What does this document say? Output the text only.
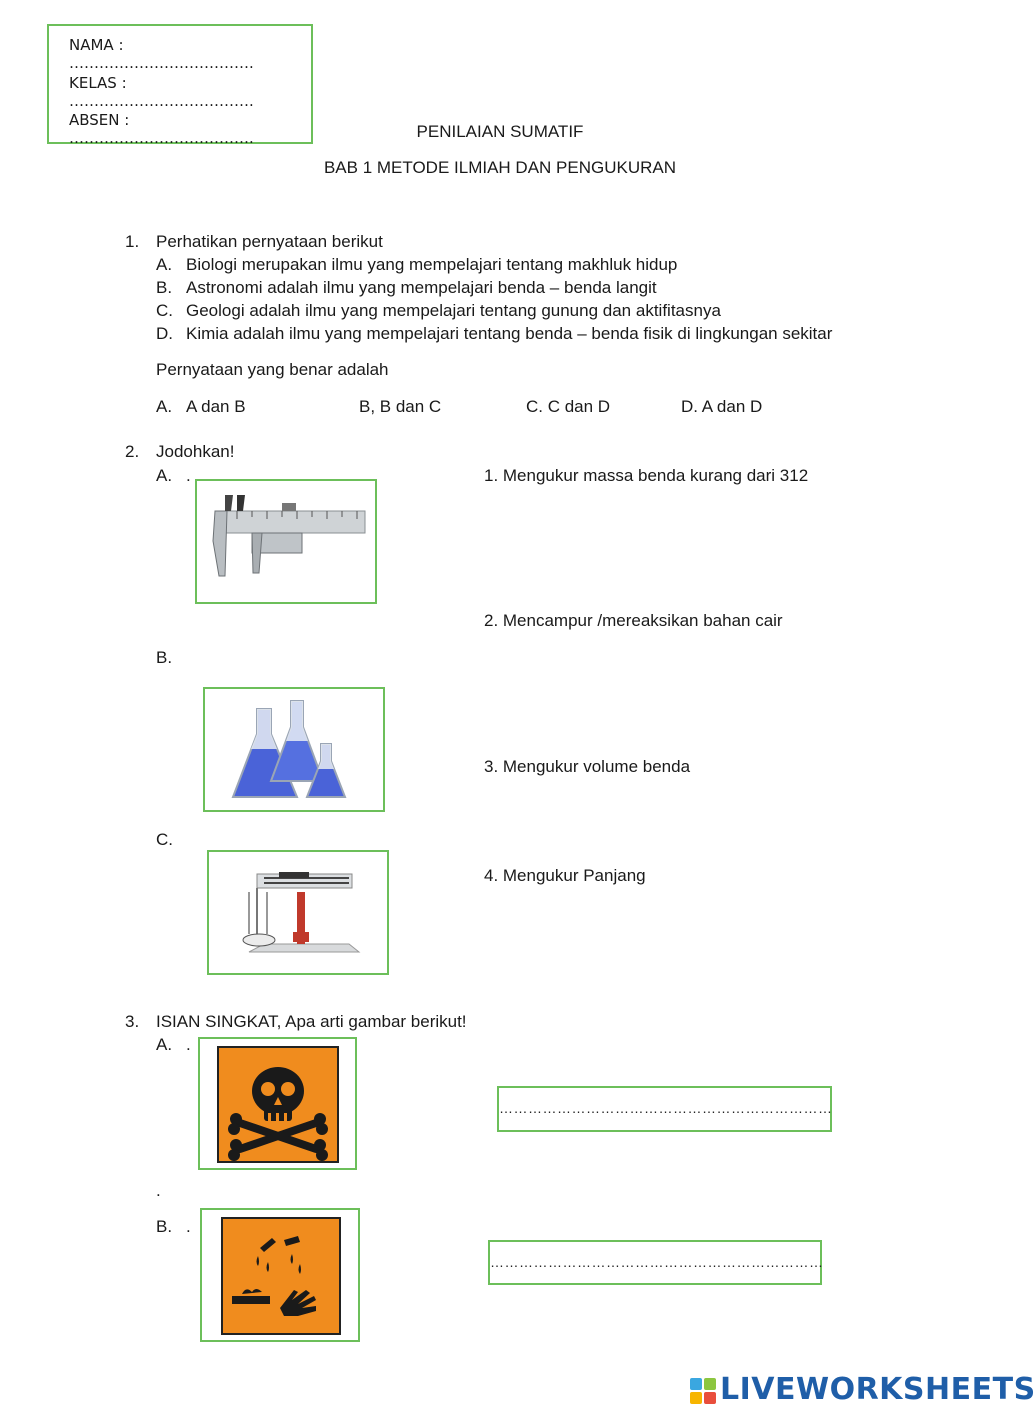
NAMA : ……………………………….
KELAS : ……………………………….
ABSEN : ……………………………….	PENILAIAN SUMATIF
BAB 1 METODE ILMIAH DAN PENGUKURAN
1. Perhatikan pernyataan berikut
A. Biologi merupakan ilmu yang mempelajari tentang makhluk hidup
B. Astronomi adalah ilmu yang mempelajari benda – benda langit
C. Geologi adalah ilmu yang mempelajari tentang gunung dan aktifitasnya
D. Kimia adalah ilmu yang mempelajari tentang benda – benda fisik di lingkungan sekitar
Pernyataan yang benar adalah
A. A dan B	B, B dan C	C. C dan D	D. A dan D
2. Jodohkan!
A. .	1. Mengukur massa benda kurang dari 312
2. Mencampur /mereaksikan bahan cair
B.
3. Mengukur volume benda
C.
4. Mengukur Panjang
3. ISIAN SINGKAT, Apa arti gambar berikut!
A. .
……………………………………………………………
.
B. .
……………………………………………………………
LIVEWORKSHEETS
